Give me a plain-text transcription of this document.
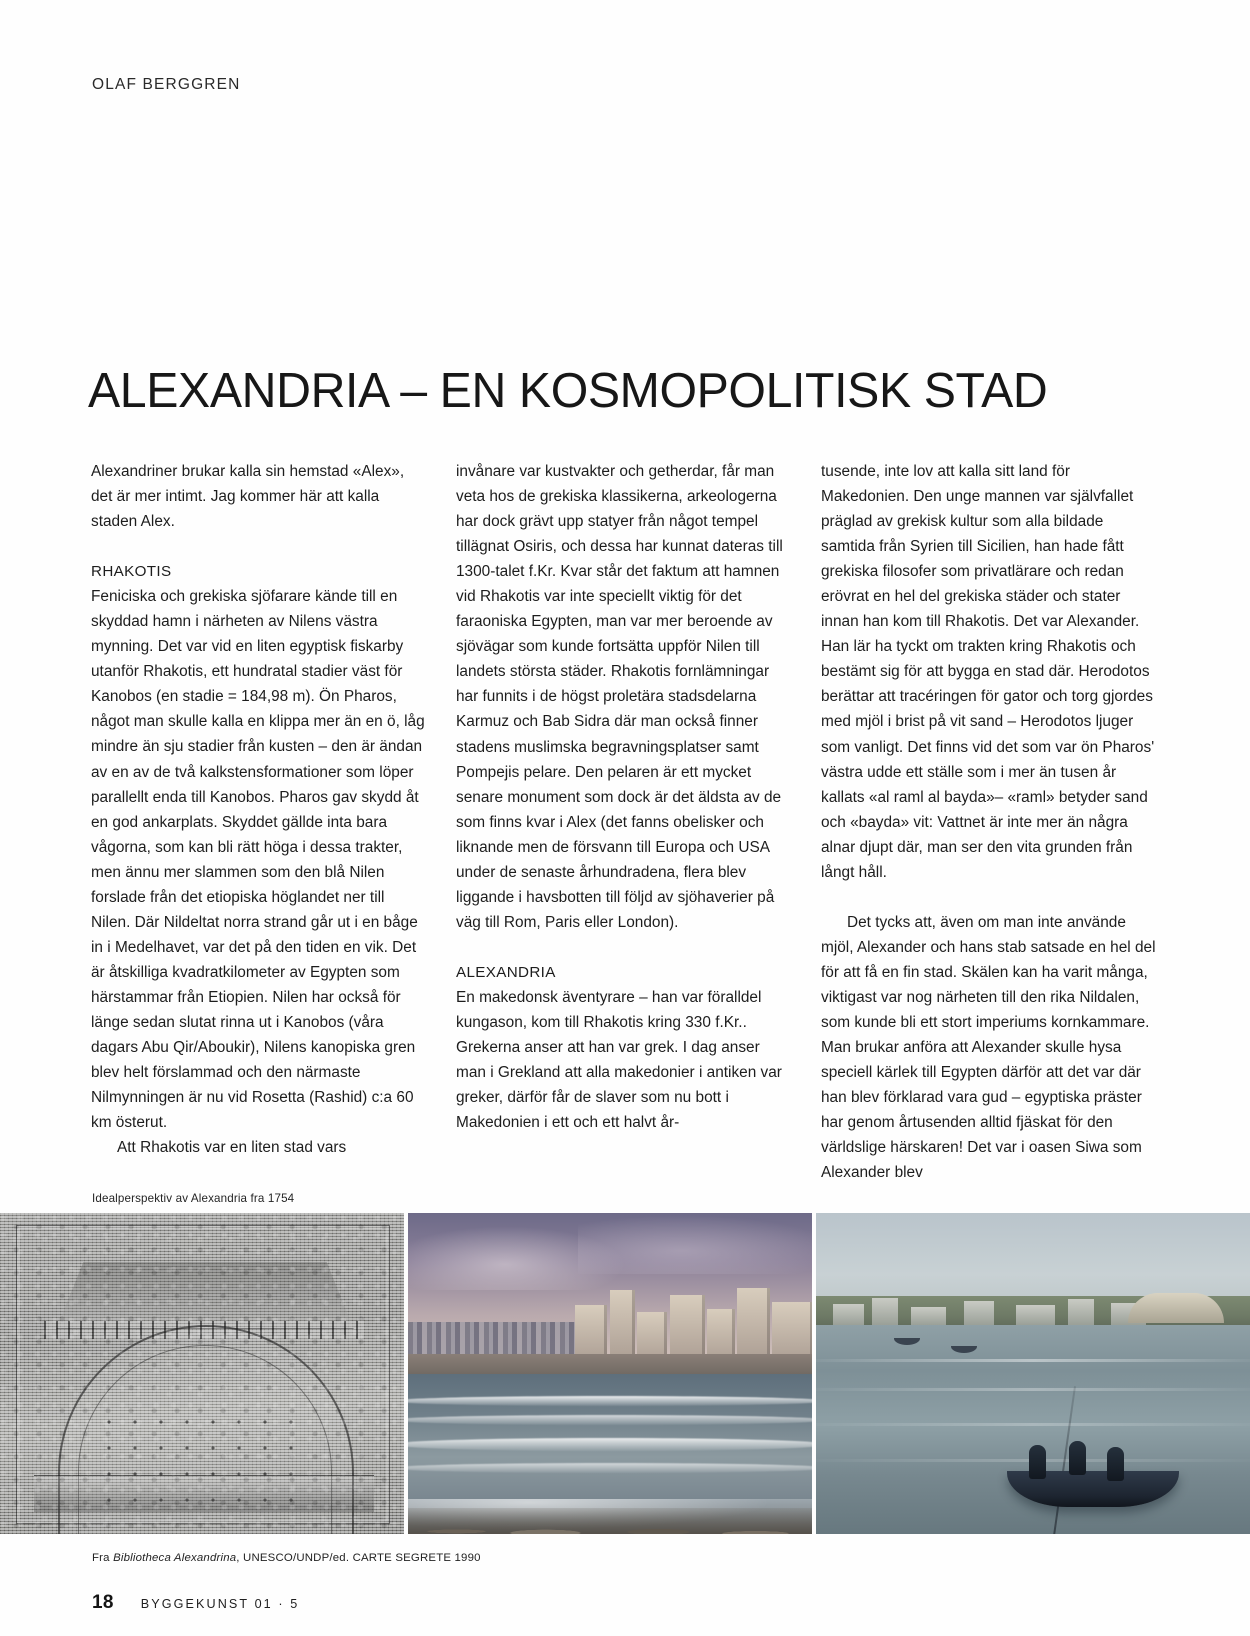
OLAF BERGGREN
ALEXANDRIA – EN KOSMOPOLITISK STAD

Alexandriner brukar kalla sin hemstad «Alex», det är mer intimt. Jag kommer här att kalla staden Alex.

RHAKOTIS

Feniciska och grekiska sjöfarare kände till en skyddad hamn i närheten av Nilens västra mynning. Det var vid en liten egyptisk fiskarby utanför Rhakotis, ett hundratal stadier väst för Kanobos (en stadie = 184,98 m). Ön Pharos, något man skulle kalla en klippa mer än en ö, låg mindre än sju stadier från kusten – den är ändan av en av de två kalkstensformationer som löper parallellt enda till Kanobos. Pharos gav skydd åt en god ankarplats. Skyddet gällde inta bara vågorna, som kan bli rätt höga i dessa trakter, men ännu mer slammen som den blå Nilen forslade från det etiopiska höglandet ner till Nilen. Där Nildeltat norra strand går ut i en båge in i Medelhavet, var det på den tiden en vik. Det är åtskilliga kvadratkilometer av Egypten som härstammar från Etiopien. Nilen har också för länge sedan slutat rinna ut i Kanobos (våra dagars Abu Qir/Aboukir), Nilens kanopiska gren blev helt förslammad och den närmaste Nilmynningen är nu vid Rosetta (Rashid) c:a 60 km österut.

Att Rhakotis var en liten stad vars

invånare var kustvakter och getherdar, får man veta hos de grekiska klassikerna, arkeologerna har dock grävt upp statyer från något tempel tillägnat Osiris, och dessa har kunnat dateras till 1300-talet f.Kr. Kvar står det faktum att hamnen vid Rhakotis var inte speciellt viktig för det faraoniska Egypten, man var mer beroende av sjövägar som kunde fortsätta uppför Nilen till landets största städer. Rhakotis fornlämningar har funnits i de högst proletära stadsdelarna Karmuz och Bab Sidra där man också finner stadens muslimska begravningsplatser samt Pompejis pelare. Den pelaren är ett mycket senare monument som dock är det äldsta av de som finns kvar i Alex (det fanns obelisker och liknande men de försvann till Europa och USA under de senaste århundradena, flera blev liggande i havsbotten till följd av sjöhaverier på väg till Rom, Paris eller London).

ALEXANDRIA

En makedonsk äventyrare – han var föralldel kungason, kom till Rhakotis kring 330 f.Kr.. Grekerna anser att han var grek. I dag anser man i Grekland att alla makedonier i antiken var greker, därför får de slaver som nu bott i Makedonien i ett och ett halvt år-

tusende, inte lov att kalla sitt land för Makedonien. Den unge mannen var självfallet präglad av grekisk kultur som alla bildade samtida från Syrien till Sicilien, han hade fått grekiska filosofer som privatlärare och redan erövrat en hel del grekiska städer och stater innan han kom till Rhakotis. Det var Alexander. Han lär ha tyckt om trakten kring Rhakotis och bestämt sig för att bygga en stad där. Herodotos berättar att tracéringen för gator och torg gjordes med mjöl i brist på vit sand – Herodotos ljuger som vanligt. Det finns vid det som var ön Pharos' västra udde ett ställe som i mer än tusen år kallats «al raml al bayda»– «raml» betyder sand och «bayda» vit: Vattnet är inte mer än några alnar djupt där, man ser den vita grunden från långt håll.

Det tycks att, även om man inte använde mjöl, Alexander och hans stab satsade en hel del för att få en fin stad. Skälen kan ha varit många, viktigast var nog närheten till den rika Nildalen, som kunde bli ett stort imperiums kornkammare. Man brukar anföra att Alexander skulle hysa speciell kärlek till Egypten därför att det var där han blev förklarad vara gud – egyptiska präster har genom årtusenden alltid fjäskat för den världslige härskaren! Det var i oasen Siwa som Alexander blev

Idealperspektiv av Alexandria fra 1754
Fra Bibliotheca Alexandrina, UNESCO/UNDP/ed. CARTE SEGRETE 1990
18 BYGGEKUNST 01 · 5
